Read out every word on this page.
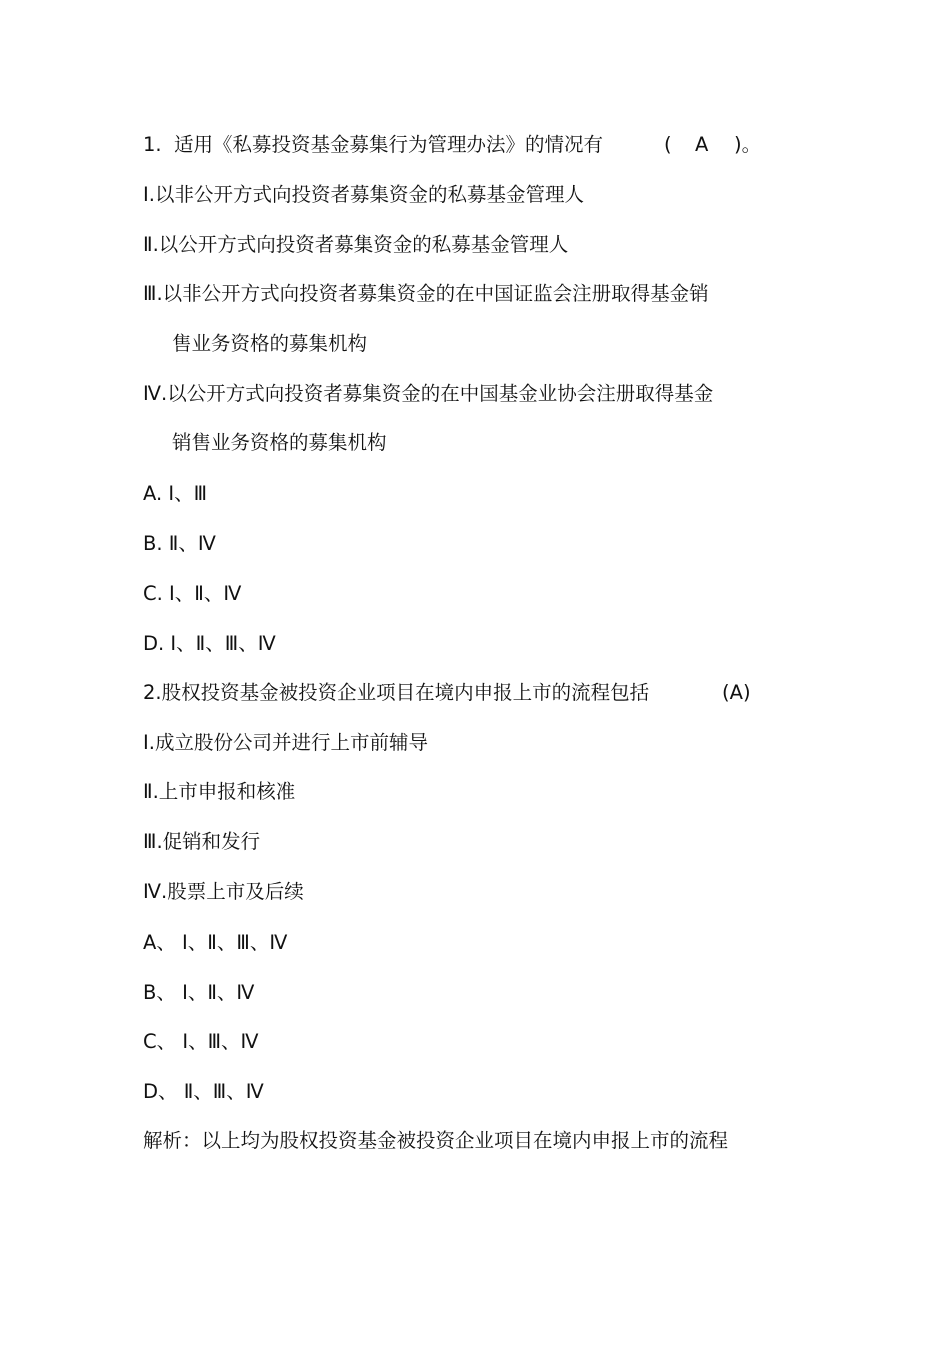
1.  适用《私募投资基金募集行为管理办法》的情况有	( A )。
Ⅰ.以非公开方式向投资者募集资金的私募基金管理人
Ⅱ.以公开方式向投资者募集资金的私募基金管理人
Ⅲ.以非公开方式向投资者募集资金的在中国证监会注册取得基金销
售业务资格的募集机构
Ⅳ.以公开方式向投资者募集资金的在中国基金业协会注册取得基金
销售业务资格的募集机构
A. Ⅰ、Ⅲ
B. Ⅱ、Ⅳ
C. Ⅰ、Ⅱ、Ⅳ
D. Ⅰ、Ⅱ、Ⅲ、Ⅳ
2.股权投资基金被投资企业项目在境内申报上市的流程包括	(A)
Ⅰ.成立股份公司并进行上市前辅导
Ⅱ.上市申报和核准
Ⅲ.促销和发行
Ⅳ.股票上市及后续
A、 Ⅰ、Ⅱ、Ⅲ、Ⅳ
B、 Ⅰ、Ⅱ、Ⅳ
C、 Ⅰ、Ⅲ、Ⅳ
D、 Ⅱ、Ⅲ、Ⅳ
解析：以上均为股权投资基金被投资企业项目在境内申报上市的流程
